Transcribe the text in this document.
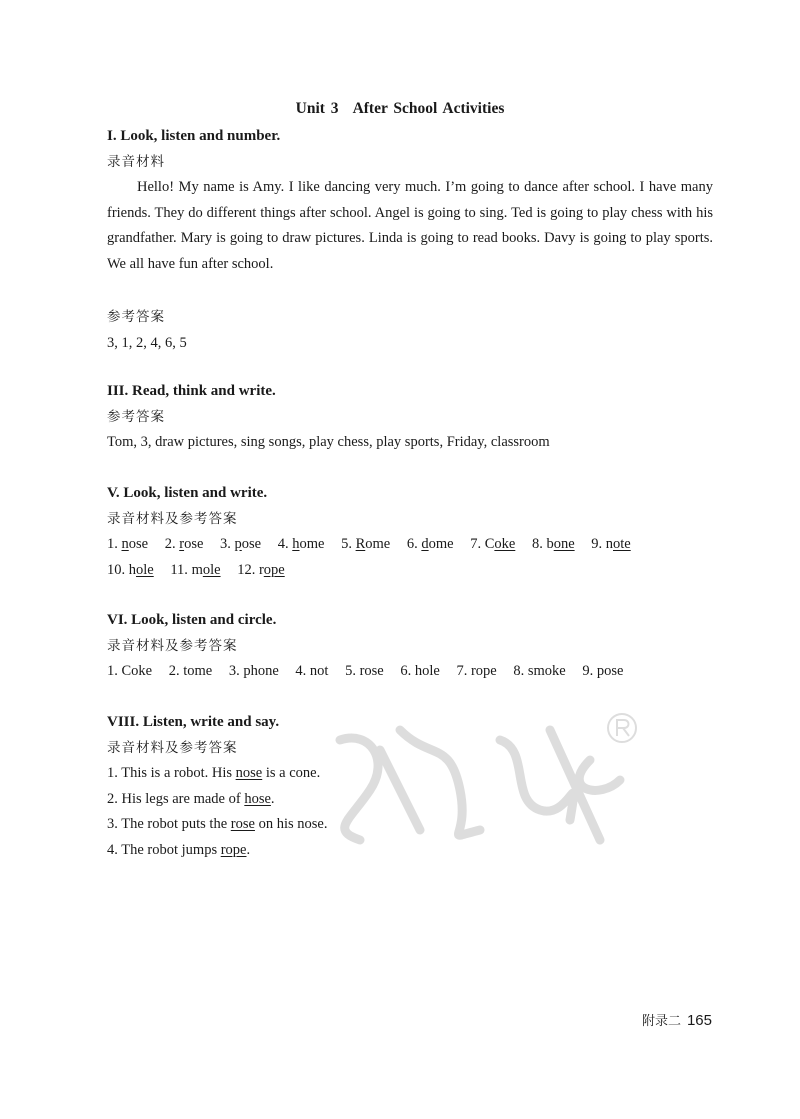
Unit 3 After School Activities
I. Look, listen and number.
录音材料
Hello! My name is Amy. I like dancing very much. I’m going to dance after school. I have many friends. They do different things after school. Angel is going to sing. Ted is going to play chess with his grandfather. Mary is going to draw pictures. Linda is going to read books. Davy is going to play sports. We all have fun after school.
参考答案
3, 1, 2, 4, 6, 5
III. Read, think and write.
参考答案
Tom, 3, draw pictures, sing songs, play chess, play sports, Friday, classroom
V. Look, listen and write.
录音材料及参考答案
1. nose 2. rose 3. pose 4. home 5. Rome 6. dome 7. Coke 8. bone 9. note
10. hole 11. mole 12. rope
VI. Look, listen and circle.
录音材料及参考答案
1. Coke 2. tome 3. phone 4. not 5. rose 6. hole 7. rope 8. smoke 9. pose
VIII. Listen, write and say.
录音材料及参考答案
1. This is a robot. His nose is a cone.
2. His legs are made of hose.
3. The robot puts the rose on his nose.
4. The robot jumps rope.
附录二 165
